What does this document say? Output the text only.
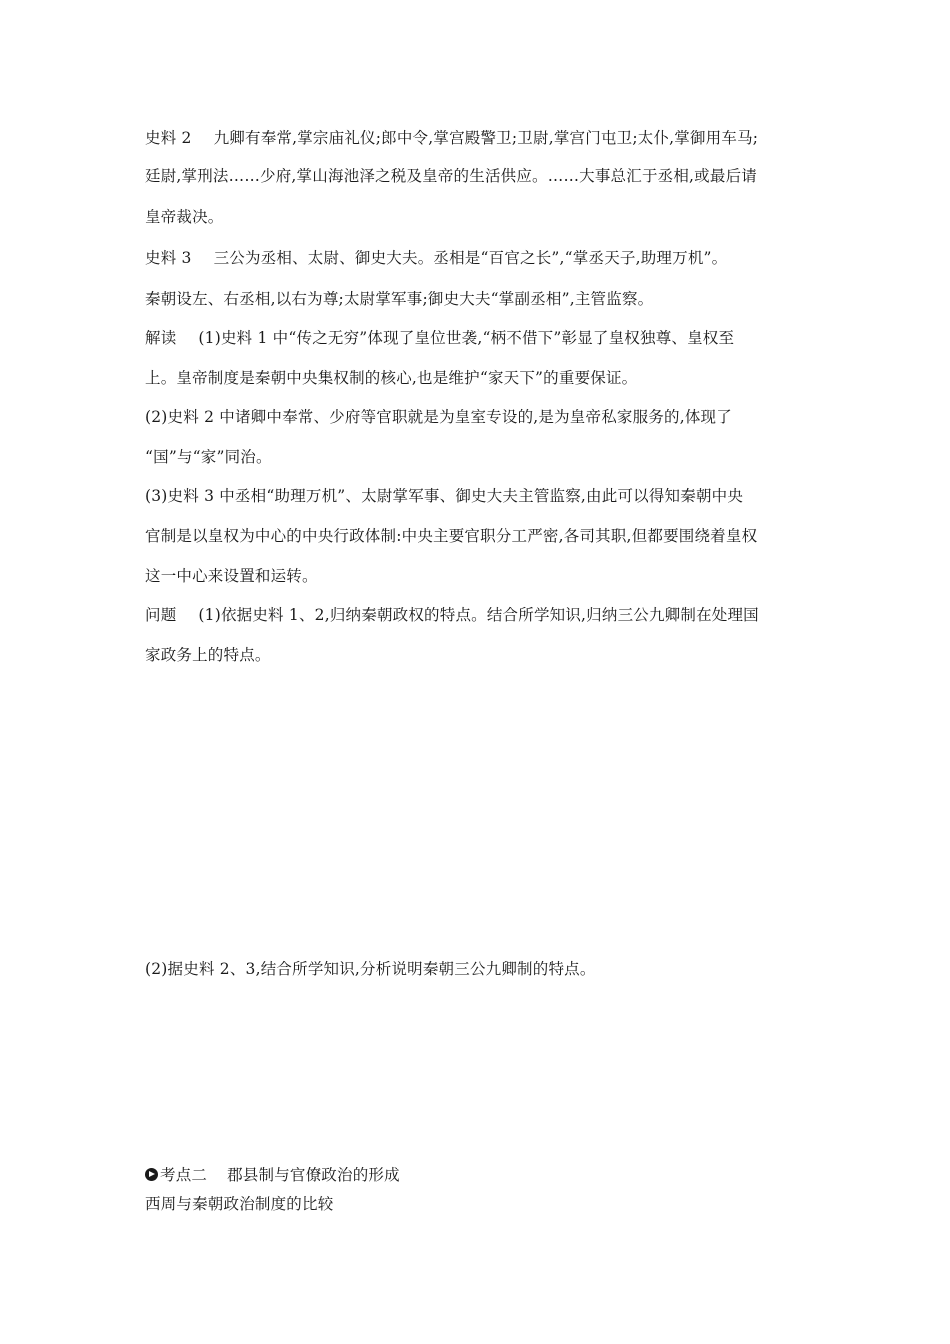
史料 2 九卿有奉常,掌宗庙礼仪;郎中令,掌宫殿警卫;卫尉,掌宫门屯卫;太仆,掌御用车马;
廷尉,掌刑法……少府,掌山海池泽之税及皇帝的生活供应。……大事总汇于丞相,或最后请
皇帝裁决。
史料 3 三公为丞相、太尉、御史大夫。丞相是“百官之长”,“掌丞天子,助理万机”。
秦朝设左、右丞相,以右为尊;太尉掌军事;御史大夫“掌副丞相”,主管监察。
解读 (1)史料 1 中“传之无穷”体现了皇位世袭,“柄不借下”彰显了皇权独尊、皇权至
上。皇帝制度是秦朝中央集权制的核心,也是维护“家天下”的重要保证。
(2)史料 2 中诸卿中奉常、少府等官职就是为皇室专设的,是为皇帝私家服务的,体现了
“国”与“家”同治。
(3)史料 3 中丞相“助理万机”、太尉掌军事、御史大夫主管监察,由此可以得知秦朝中央
官制是以皇权为中心的中央行政体制:中央主要官职分工严密,各司其职,但都要围绕着皇权
这一中心来设置和运转。
问题 (1)依据史料 1、2,归纳秦朝政权的特点。结合所学知识,归纳三公九卿制在处理国
家政务上的特点。
(2)据史料 2、3,结合所学知识,分析说明秦朝三公九卿制的特点。
考点二 郡县制与官僚政治的形成
西周与秦朝政治制度的比较
